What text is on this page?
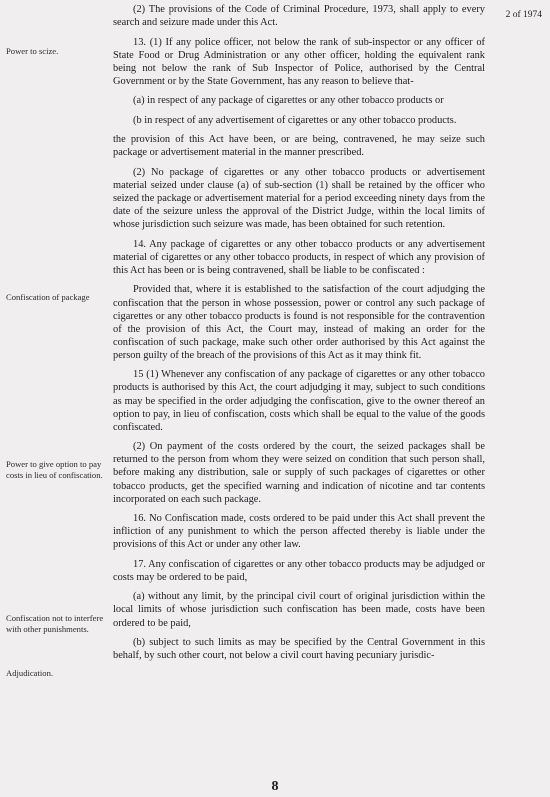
2 of 1974
Power to scize.
Confiscation of package
Power to give option to pay costs in lieu of confiscation.
Confiscation not to interfere with other punishments.
Adjudication.

(2) The provisions of the Code of Criminal Procedure, 1973, shall apply to every search and seizure made under this Act.

13. (1) If any police officer, not below the rank of sub-inspector or any officer of State Food or Drug Administration or any other officer, holding the equivalent rank being not below the rank of Sub Inspector of Police, authorised by the Central Government or by the State Government, has any reason to believe that-

(a) in respect of any package of cigarettes or any other tobacco products or

(b in respect of any advertisement of cigarettes or any other tobacco products.

the provision of this Act have been, or are being, contravened, he may seize such package or advertisement material in the manner prescribed.

(2) No package of cigarettes or any other tobacco products or advertisement material seized under clause (a) of sub-section (1) shall be retained by the officer who seized the package or advertisement material for a period exceeding ninety days from the date of the seizure unless the approval of the District Judge, within the local limits of whose jurisdiction such seizure was made, has been obtained for such retention.

14. Any package of cigarettes or any other tobacco products or any advertisement material of cigarettes or any other tobacco products, in respect of which any provision of this Act has been or is being contravened, shall be liable to be confiscated :

Provided that, where it is established to the satisfaction of the court adjudging the confiscation that the person in whose possession, power or control any such package of cigarettes or any other tobacco products is found is not responsible for the contravention of the provision of this Act, the Court may, instead of making an order for the confiscation of such package, make such other order authorised by this Act against the person guilty of the breach of the provisions of this Act as it may think fit.

15 (1) Whenever any confiscation of any package of cigarettes or any other tobacco products is authorised by this Act, the court adjudging it may, subject to such conditions as may be specified in the order adjudging the confiscation, give to the owner thereof an option to pay, in lieu of confiscation, costs which shall be equal to the value of the goods confiscated.

(2) On payment of the costs ordered by the court, the seized packages shall be returned to the person from whom they were seized on condition that such person shall, before making any distribution, sale or supply of such packages of cigarettes or other tobacco products, get the specified warning and indication of nicotine and tar contents incorporated on each such package.

16. No Confiscation made, costs ordered to be paid under this Act shall prevent the infliction of any punishment to which the person affected thereby is liable under the provisions of this Act or under any other law.

17. Any confiscation of cigarettes or any other tobacco products may be adjudged or costs may be ordered to be paid,

(a) without any limit, by the principal civil court of original jurisdiction within the local limits of whose jurisdiction such confiscation has been made, costs have been ordered to be paid,

(b) subject to such limits as may be specified by the Central Government in this behalf, by such other court, not below a civil court having pecuniary jurisdic-

8
